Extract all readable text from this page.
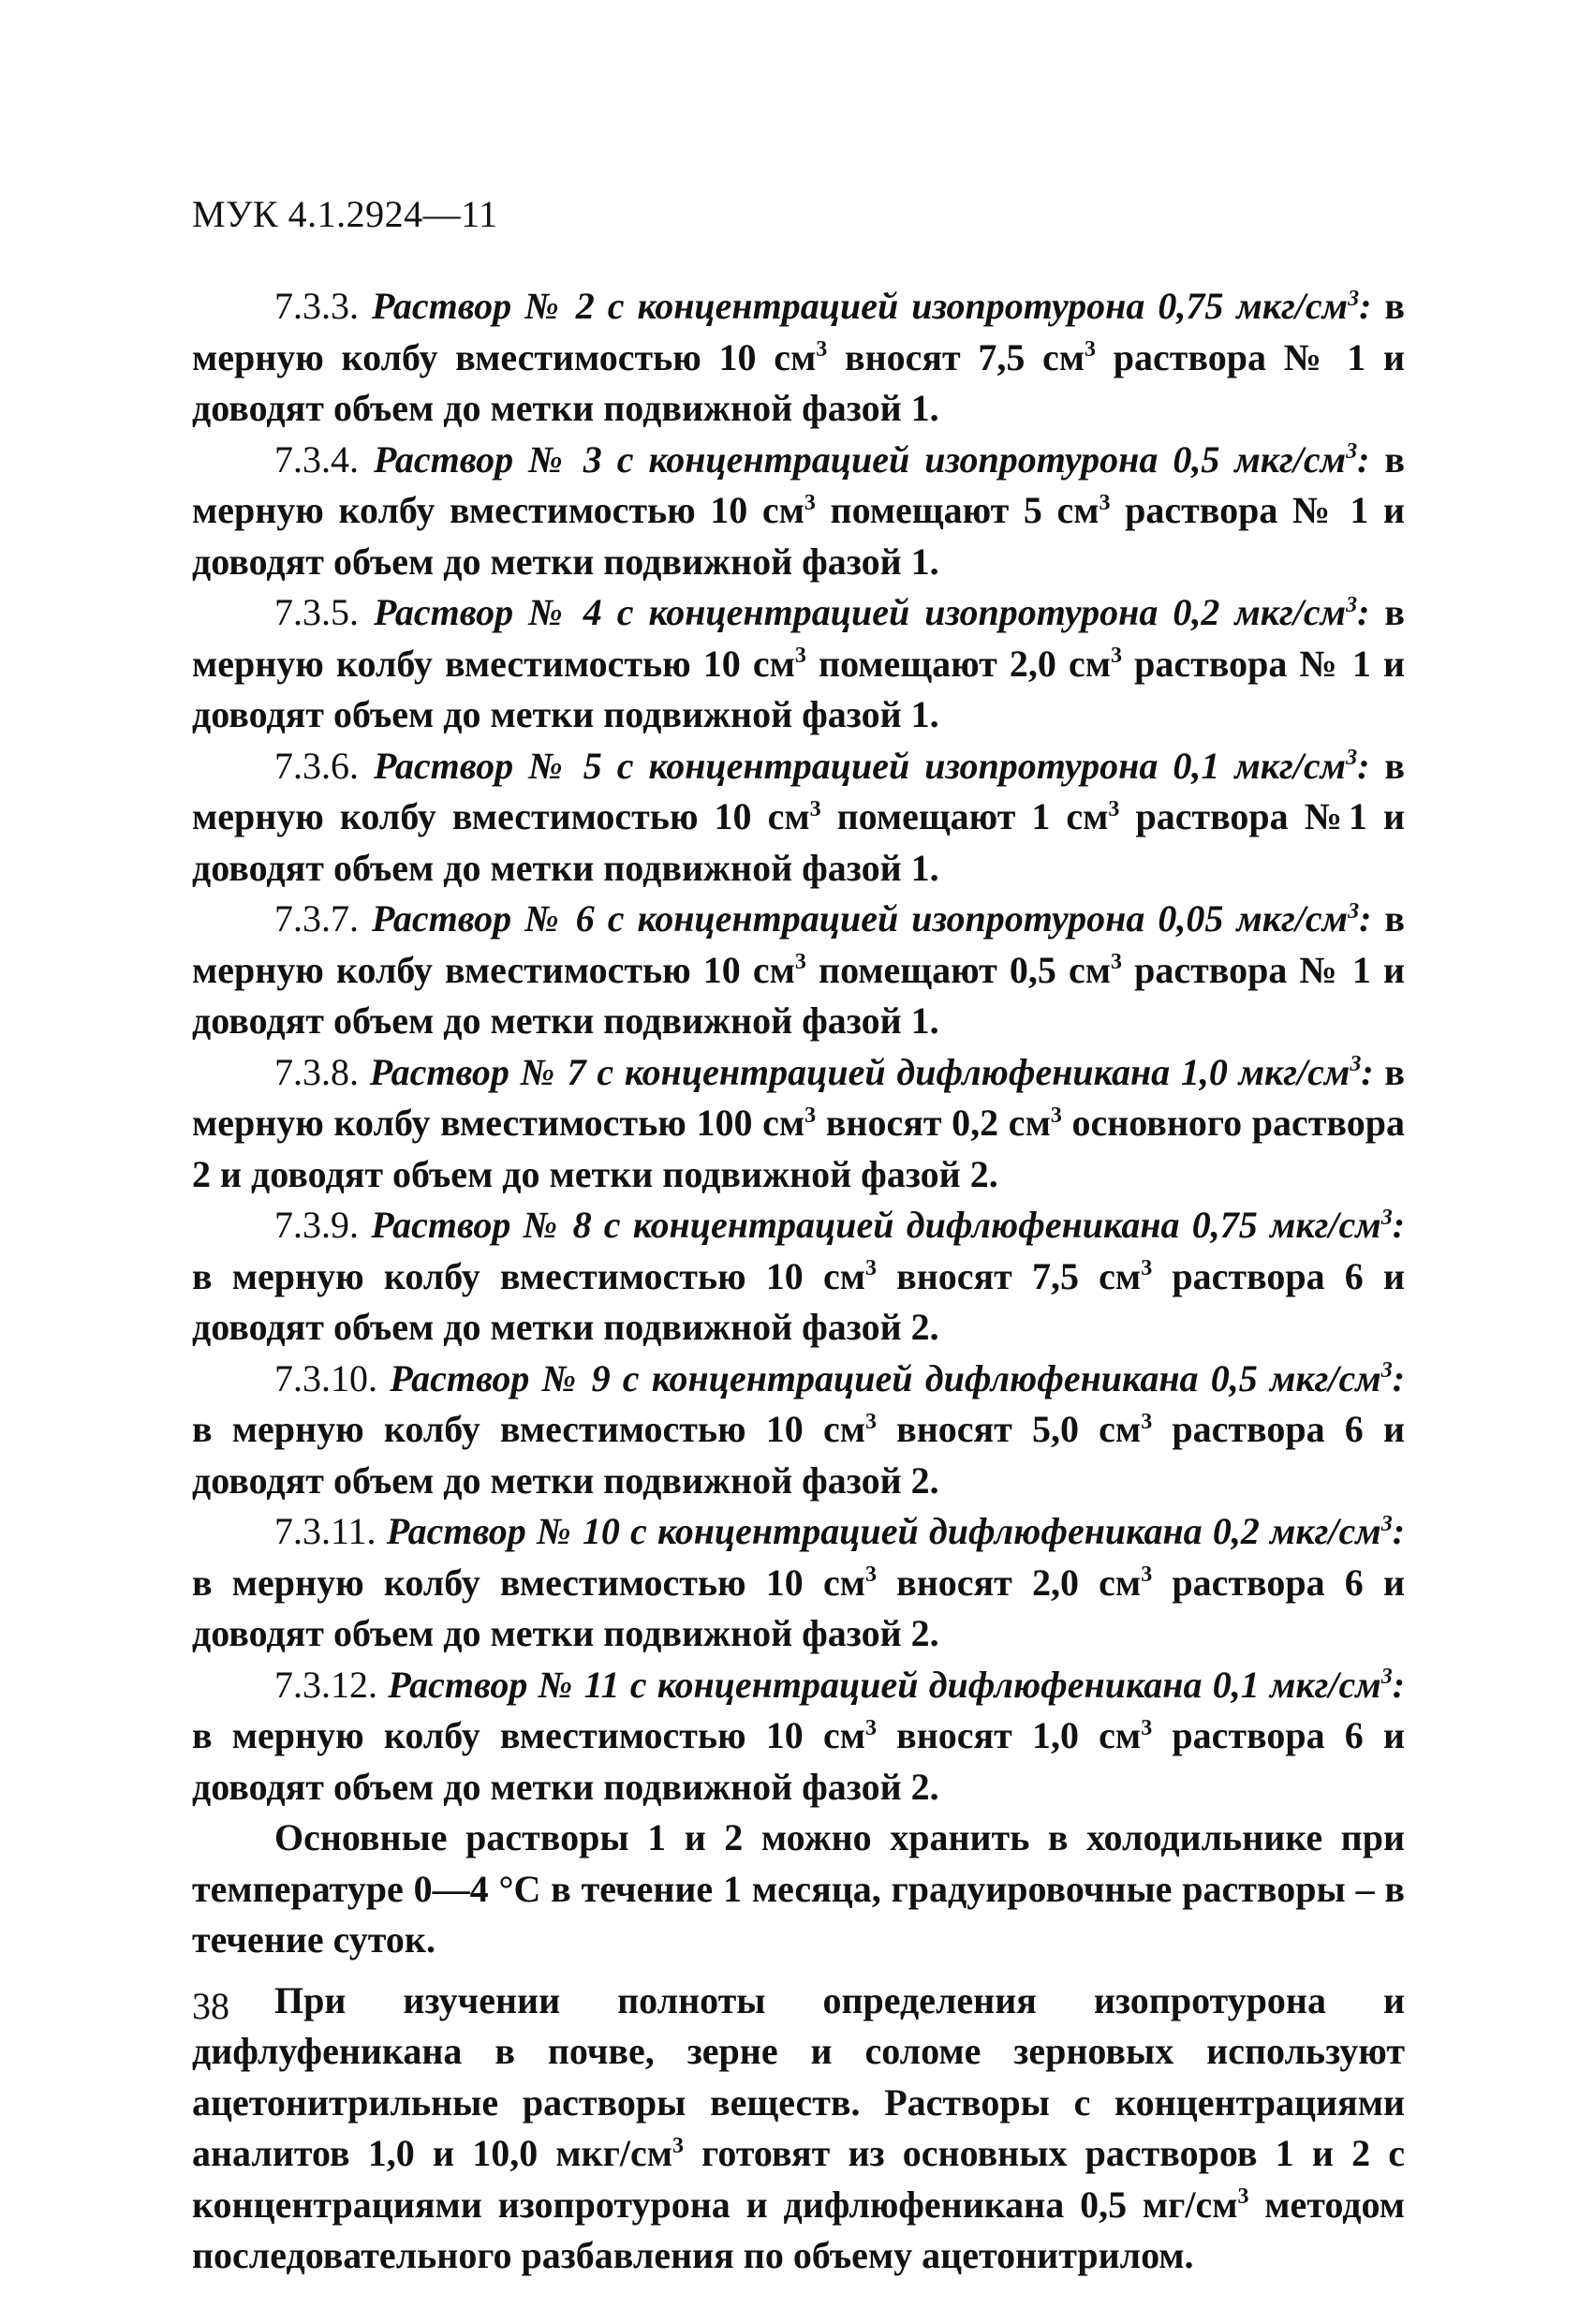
МУК 4.1.2924—11

7.3.3. Раствор № 2 с концентрацией изопротурона 0,75 мкг/$см^3$: в мерную колбу вместимостью 10 $см^3$ вносят 7,5 $см^3$ раствора № 1 и доводят объем до метки подвижной фазой 1.

7.3.4. Раствор № 3 с концентрацией изопротурона 0,5 мкг/$см^3$: в мерную колбу вместимостью 10 $см^3$ помещают 5 $см^3$ раствора № 1 и доводят объем до метки подвижной фазой 1.

7.3.5. Раствор № 4 с концентрацией изопротурона 0,2 мкг/$см^3$: в мерную колбу вместимостью 10 $см^3$ помещают 2,0 $см^3$ раствора № 1 и доводят объем до метки подвижной фазой 1.

7.3.6. Раствор № 5 с концентрацией изопротурона 0,1 мкг/$см^3$: в мерную колбу вместимостью 10 $см^3$ помещают 1 $см^3$ раствора №1 и доводят объем до метки подвижной фазой 1.

7.3.7. Раствор № 6 с концентрацией изопротурона 0,05 мкг/$см^3$: в мерную колбу вместимостью 10 $см^3$ помещают 0,5 $см^3$ раствора № 1 и доводят объем до метки подвижной фазой 1.

7.3.8. Раствор № 7 с концентрацией дифлюфеникана 1,0 мкг/$см^3$: в мерную колбу вместимостью 100 $см^3$ вносят 0,2 $см^3$ основного раствора 2 и доводят объем до метки подвижной фазой 2.

7.3.9. Раствор № 8 с концентрацией дифлюфеникана 0,75 мкг/$см^3$: в мерную колбу вместимостью 10 $см^3$ вносят 7,5 $см^3$ раствора 6 и доводят объем до метки подвижной фазой 2.

7.3.10. Раствор № 9 с концентрацией дифлюфеникана 0,5 мкг/$см^3$: в мерную колбу вместимостью 10 $см^3$ вносят 5,0 $см^3$ раствора 6 и доводят объем до метки подвижной фазой 2.

7.3.11. Раствор № 10 с концентрацией дифлюфеникана 0,2 мкг/$см^3$: в мерную колбу вместимостью 10 $см^3$ вносят 2,0 $см^3$ раствора 6 и доводят объем до метки подвижной фазой 2.

7.3.12. Раствор № 11 с концентрацией дифлюфеникана 0,1 мкг/$см^3$: в мерную колбу вместимостью 10 $см^3$ вносят 1,0 $см^3$ раствора 6 и доводят объем до метки подвижной фазой 2.

Основные растворы 1 и 2 можно хранить в холодильнике при температуре 0—4 °С в течение 1 месяца, градуировочные растворы – в течение суток.

При изучении полноты определения изопротурона и дифлуфеникана в почве, зерне и соломе зерновых используют ацетонитрильные растворы веществ. Растворы с концентрациями аналитов 1,0 и 10,0 мкг/$см^3$ готовят из основных растворов 1 и 2 с концентрациями изопротурона и дифлюфеникана 0,5 $мг/см^3$ методом последовательного разбавления по объему ацетонитрилом.

38
